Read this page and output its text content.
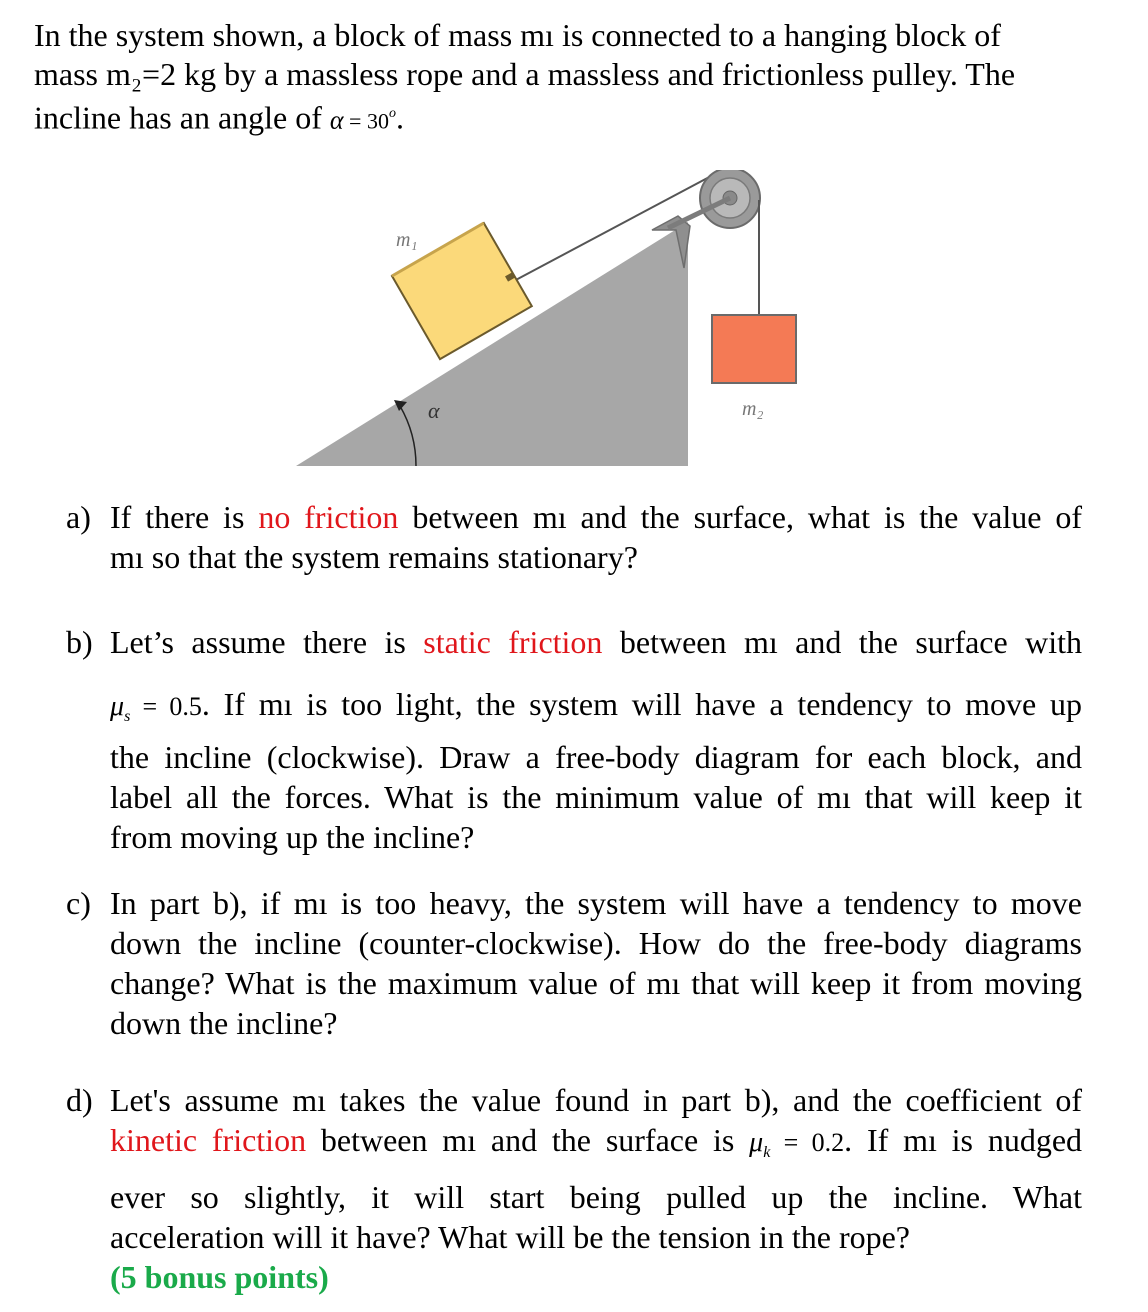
In the system shown, a block of mass mı is connected to a hanging block of
mass m₂=2 kg by a massless rope and a massless and frictionless pulley. The
incline has an angle of $\alpha = 30^o$.
m₁
α	m₂
a) If there is no friction between mı and the surface, what is the value of
mı so that the system remains stationary?
b) Let’s assume there is static friction between mı and the surface with
$\mu_s = 0.5$. If mı is too light, the system will have a tendency to move up
the incline (clockwise). Draw a free-body diagram for each block, and
label all the forces. What is the minimum value of mı that will keep it
from moving up the incline?
c) In part b), if mı is too heavy, the system will have a tendency to move
down the incline (counter-clockwise). How do the free-body diagrams
change? What is the maximum value of mı that will keep it from moving
down the incline?
d) Let's assume mı takes the value found in part b), and the coefficient of
kinetic friction between mı and the surface is $\mu_k = 0.2$. If mı is nudged
ever so slightly, it will start being pulled up the incline. What
acceleration will it have? What will be the tension in the rope?
(5 bonus points)
